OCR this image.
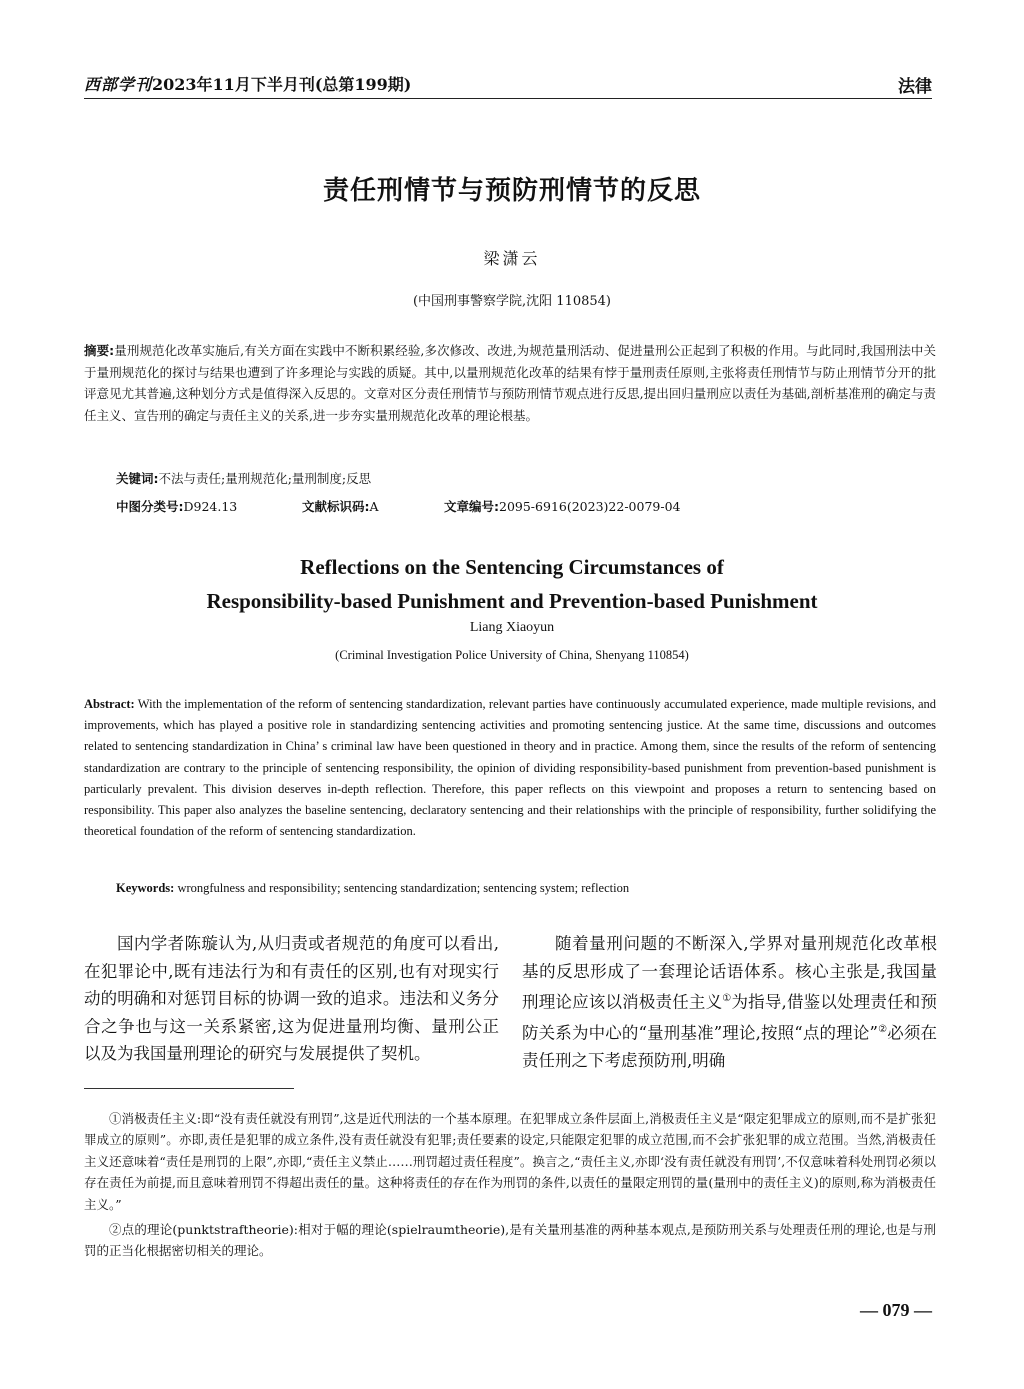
西部学刊2023年11月下半月刊(总第199期)	法律
责任刑情节与预防刑情节的反思
梁潇云
(中国刑事警察学院,沈阳 110854)
摘要:量刑规范化改革实施后,有关方面在实践中不断积累经验,多次修改、改进,为规范量刑活动、促进量刑公正起到了积极的作用。与此同时,我国刑法中关于量刑规范化的探讨与结果也遭到了许多理论与实践的质疑。其中,以量刑规范化改革的结果有悖于量刑责任原则,主张将责任刑情节与防止刑情节分开的批评意见尤其普遍,这种划分方式是值得深入反思的。文章对区分责任刑情节与预防刑情节观点进行反思,提出回归量刑应以责任为基础,剖析基准刑的确定与责任主义、宣告刑的确定与责任主义的关系,进一步夯实量刑规范化改革的理论根基。
关键词:不法与责任;量刑规范化;量刑制度;反思
中图分类号:D924.13	文献标识码:A	文章编号:2095-6916(2023)22-0079-04
Reflections on the Sentencing Circumstances of
Responsibility-based Punishment and Prevention-based Punishment
Liang Xiaoyun
(Criminal Investigation Police University of China, Shenyang 110854)
Abstract: With the implementation of the reform of sentencing standardization, relevant parties have continuously accumulated experience, made multiple revisions, and improvements, which has played a positive role in standardizing sentencing activities and promoting sentencing justice. At the same time, discussions and outcomes related to sentencing standardization in China’ s criminal law have been questioned in theory and in practice. Among them, since the results of the reform of sentencing standardization are contrary to the principle of sentencing responsibility, the opinion of dividing responsibility-based punishment from prevention-based punishment is particularly prevalent. This division deserves in-depth reflection. Therefore, this paper reflects on this viewpoint and proposes a return to sentencing based on responsibility. This paper also analyzes the baseline sentencing, declaratory sentencing and their relationships with the principle of responsibility, further solidifying the theoretical foundation of the reform of sentencing standardization.
Keywords: wrongfulness and responsibility; sentencing standardization; sentencing system; reflection

国内学者陈璇认为,从归责或者规范的角度可以看出,在犯罪论中,既有违法行为和有责任的区别,也有对现实行动的明确和对惩罚目标的协调一致的追求。违法和义务分合之争也与这一关系紧密,这为促进量刑均衡、量刑公正以及为我国量刑理论的研究与发展提供了契机。

随着量刑问题的不断深入,学界对量刑规范化改革根基的反思形成了一套理论话语体系。核心主张是,我国量刑理论应该以消极责任主义①为指导,借鉴以处理责任和预防关系为中心的“量刑基准”理论,按照“点的理论”②必须在责任刑之下考虑预防刑,明确

①消极责任主义:即“没有责任就没有刑罚”,这是近代刑法的一个基本原理。在犯罪成立条件层面上,消极责任主义是“限定犯罪成立的原则,而不是扩张犯罪成立的原则”。亦即,责任是犯罪的成立条件,没有责任就没有犯罪;责任要素的设定,只能限定犯罪的成立范围,而不会扩张犯罪的成立范围。当然,消极责任主义还意味着“责任是刑罚的上限”,亦即,“责任主义禁止……刑罚超过责任程度”。换言之,“责任主义,亦即‘没有责任就没有刑罚’,不仅意味着科处刑罚必须以存在责任为前提,而且意味着刑罚不得超出责任的量。这种将责任的存在作为刑罚的条件,以责任的量限定刑罚的量(量刑中的责任主义)的原则,称为消极责任主义。”

②点的理论(punktstraftheorie):相对于幅的理论(spielraumtheorie),是有关量刑基准的两种基本观点,是预防刑关系与处理责任刑的理论,也是与刑罚的正当化根据密切相关的理论。

— 079 —
